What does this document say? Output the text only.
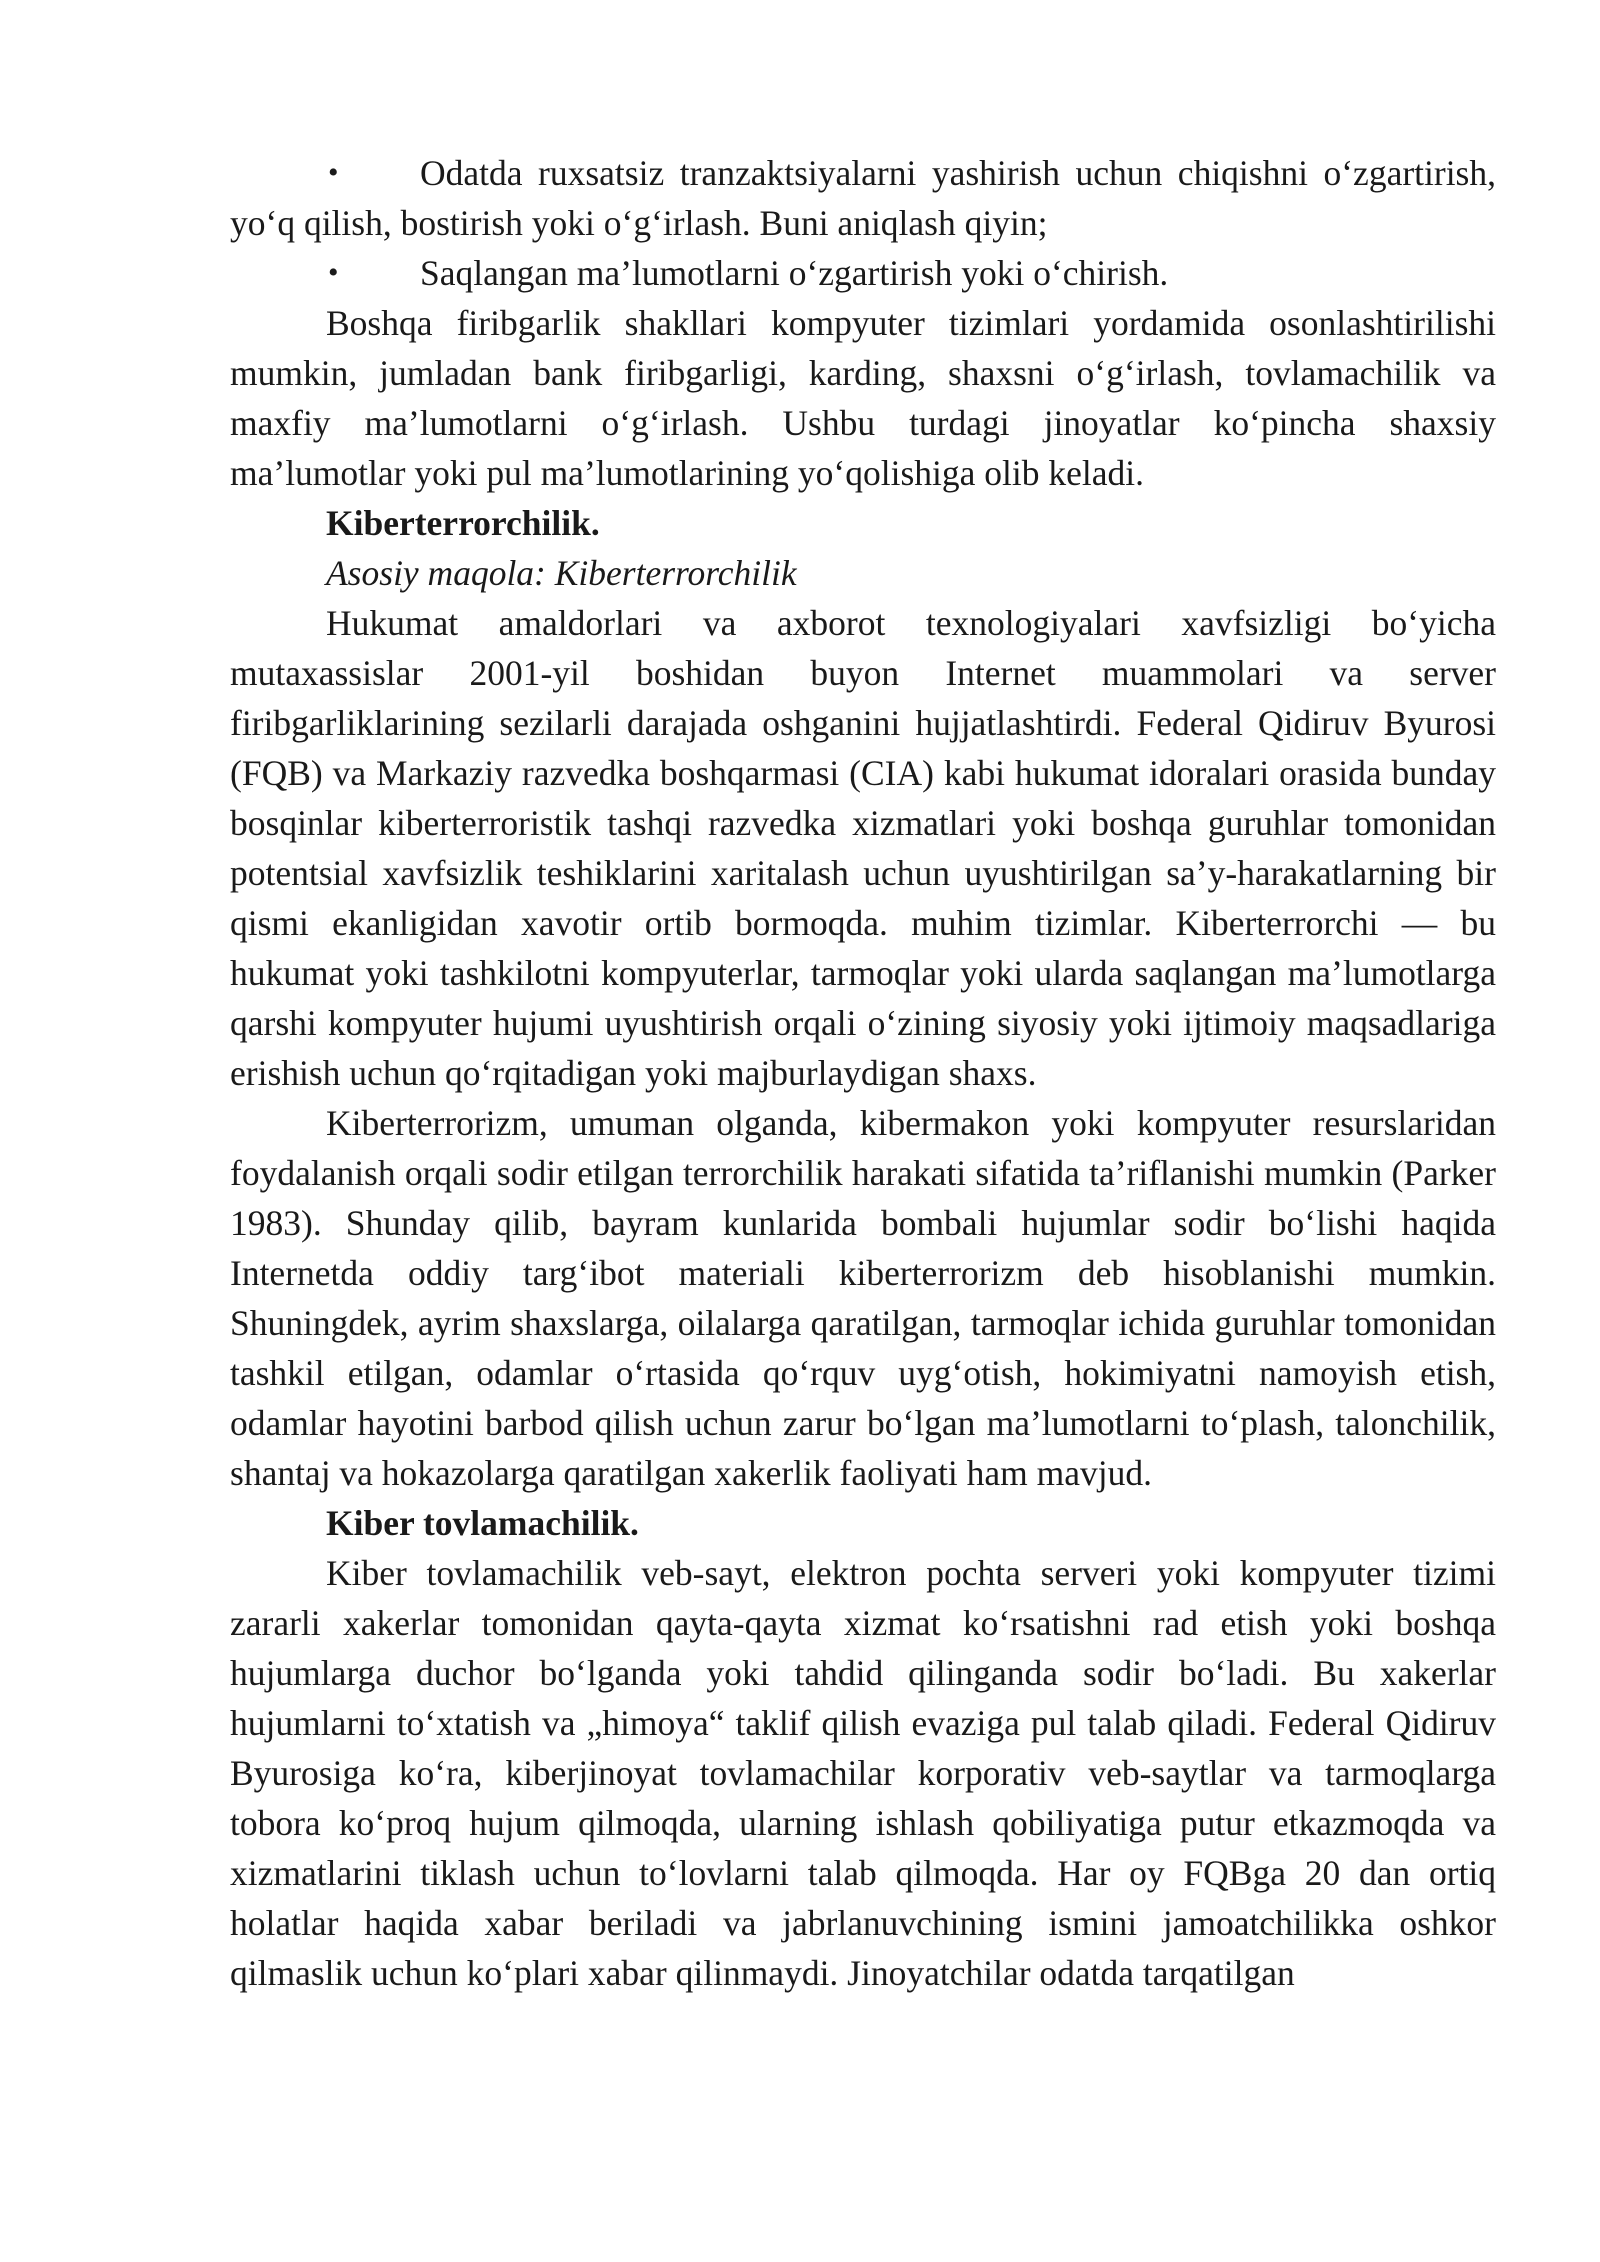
• Odatda ruxsatsiz tranzaktsiyalarni yashirish uchun chiqishni o‘zgartirish, yo‘q qilish, bostirish yoki o‘g‘irlash. Buni aniqlash qiyin;

• Saqlangan ma’lumotlarni o‘zgartirish yoki o‘chirish.

Boshqa firibgarlik shakllari kompyuter tizimlari yordamida osonlashtirilishi mumkin, jumladan bank firibgarligi, karding, shaxsni o‘g‘irlash, tovlamachilik va maxfiy ma’lumotlarni o‘g‘irlash. Ushbu turdagi jinoyatlar ko‘pincha shaxsiy ma’lumotlar yoki pul ma’lumotlarining yo‘qolishiga olib keladi.

Kiberterrorchilik.

Asosiy maqola: Kiberterrorchilik

Hukumat amaldorlari va axborot texnologiyalari xavfsizligi bo‘yicha mutaxassislar 2001-yil boshidan buyon Internet muammolari va server firibgarliklarining sezilarli darajada oshganini hujjatlashtirdi. Federal Qidiruv Byurosi (FQB) va Markaziy razvedka boshqarmasi (CIA) kabi hukumat idoralari orasida bunday bosqinlar kiberterroristik tashqi razvedka xizmatlari yoki boshqa guruhlar tomonidan potentsial xavfsizlik teshiklarini xaritalash uchun uyushtirilgan sa’y-harakatlarning bir qismi ekanligidan xavotir ortib bormoqda. muhim tizimlar. Kiberterrorchi — bu hukumat yoki tashkilotni kompyuterlar, tarmoqlar yoki ularda saqlangan ma’lumotlarga qarshi kompyuter hujumi uyushtirish orqali o‘zining siyosiy yoki ijtimoiy maqsadlariga erishish uchun qo‘rqitadigan yoki majburlaydigan shaxs.

Kiberterrorizm, umuman olganda, kibermakon yoki kompyuter resurslaridan foydalanish orqali sodir etilgan terrorchilik harakati sifatida ta’riflanishi mumkin (Parker 1983). Shunday qilib, bayram kunlarida bombali hujumlar sodir bo‘lishi haqida Internetda oddiy targ‘ibot materiali kiberterrorizm deb hisoblanishi mumkin. Shuningdek, ayrim shaxslarga, oilalarga qaratilgan, tarmoqlar ichida guruhlar tomonidan tashkil etilgan, odamlar o‘rtasida qo‘rquv uyg‘otish, hokimiyatni namoyish etish, odamlar hayotini barbod qilish uchun zarur bo‘lgan ma’lumotlarni to‘plash, talonchilik, shantaj va hokazolarga qaratilgan xakerlik faoliyati ham mavjud.

Kiber tovlamachilik.

Kiber tovlamachilik veb-sayt, elektron pochta serveri yoki kompyuter tizimi zararli xakerlar tomonidan qayta-qayta xizmat ko‘rsatishni rad etish yoki boshqa hujumlarga duchor bo‘lganda yoki tahdid qilinganda sodir bo‘ladi. Bu xakerlar hujumlarni to‘xtatish va „himoya“ taklif qilish evaziga pul talab qiladi. Federal Qidiruv Byurosiga ko‘ra, kiberjinoyat tovlamachilar korporativ veb-saytlar va tarmoqlarga tobora ko‘proq hujum qilmoqda, ularning ishlash qobiliyatiga putur etkazmoqda va xizmatlarini tiklash uchun to‘lovlarni talab qilmoqda. Har oy FQBga 20 dan ortiq holatlar haqida xabar beriladi va jabrlanuvchining ismini jamoatchilikka oshkor qilmaslik uchun ko‘plari xabar qilinmaydi. Jinoyatchilar odatda tarqatilgan
